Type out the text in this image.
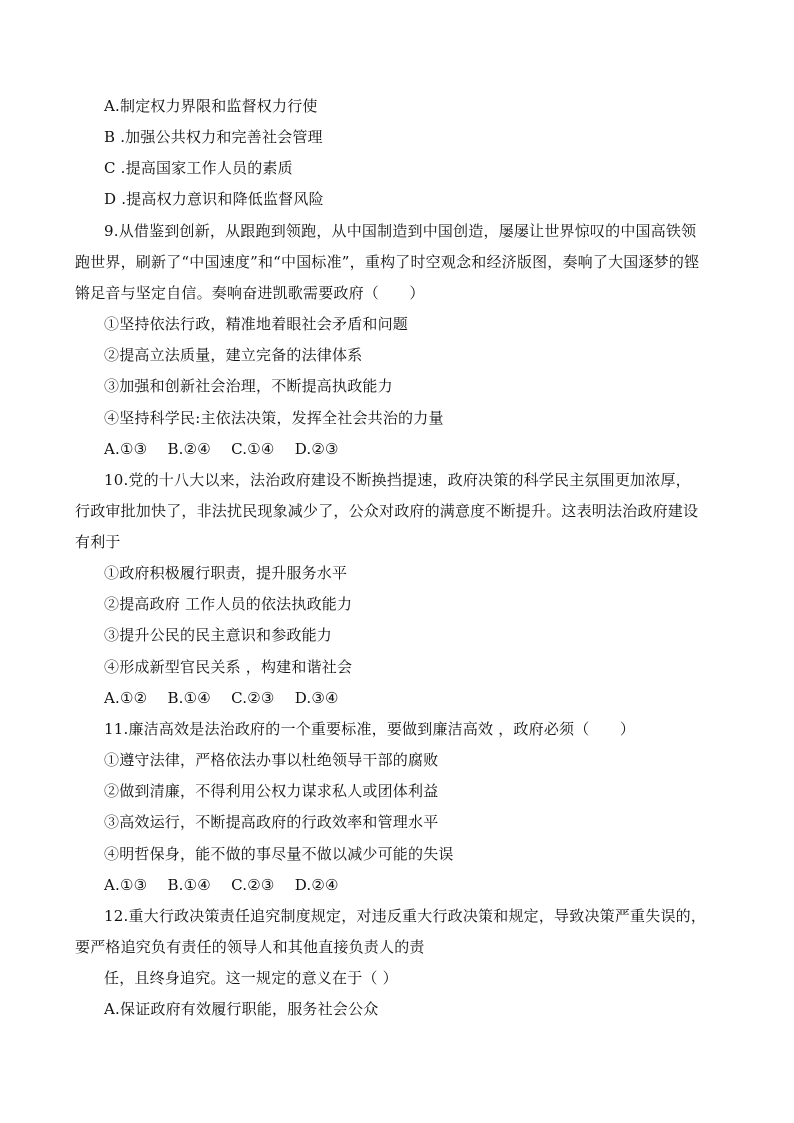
A.制定权力界限和监督权力行使
B .加强公共权力和完善社会管理
C .提高国家工作人员的素质
D .提高权力意识和降低监督风险
9.从借鉴到创新，从跟跑到领跑，从中国制造到中国创造，屡屡让世界惊叹的中国高铁领
跑世界，刷新了“中国速度”和“中国标准”，重构了时空观念和经济版图，奏响了大国逐梦的铿
锵足音与坚定自信。奏响奋进凯歌需要政府（　　）
①坚持依法行政，精准地着眼社会矛盾和问题
②提高立法质量，建立完备的法律体系
③加强和创新社会治理，不断提高执政能力
④坚持科学民:主依法决策，发挥全社会共治的力量
A.①③　 B.②④　 C.①④　 D.②③
10.党的十八大以来，法治政府建设不断换挡提速，政府决策的科学民主氛围更加浓厚，
行政审批加快了，非法扰民现象减少了，公众对政府的满意度不断提升。这表明法治政府建设
有利于
①政府积极履行职责，提升服务水平
②提高政府 工作人员的依法执政能力
③提升公民的民主意识和参政能力
④形成新型官民关系 ，构建和谐社会
A.①②　 B.①④　 C.②③　 D.③④
11.廉洁高效是法治政府的一个重要标准，要做到廉洁高效 ，政府必须（　　）
①遵守法律，严格依法办事以杜绝领导干部的腐败
②做到清廉，不得利用公权力谋求私人或团体利益
③高效运行，不断提高政府的行政效率和管理水平
④明哲保身，能不做的事尽量不做以减少可能的失误
A.①③　 B.①④　 C.②③　 D.②④
12.重大行政决策责任追究制度规定，对违反重大行政决策和规定，导致决策严重失误的，
要严格追究负有责任的领导人和其他直接负责人的责
任，且终身追究。这一规定的意义在于（ ）
A.保证政府有效履行职能，服务社会公众
